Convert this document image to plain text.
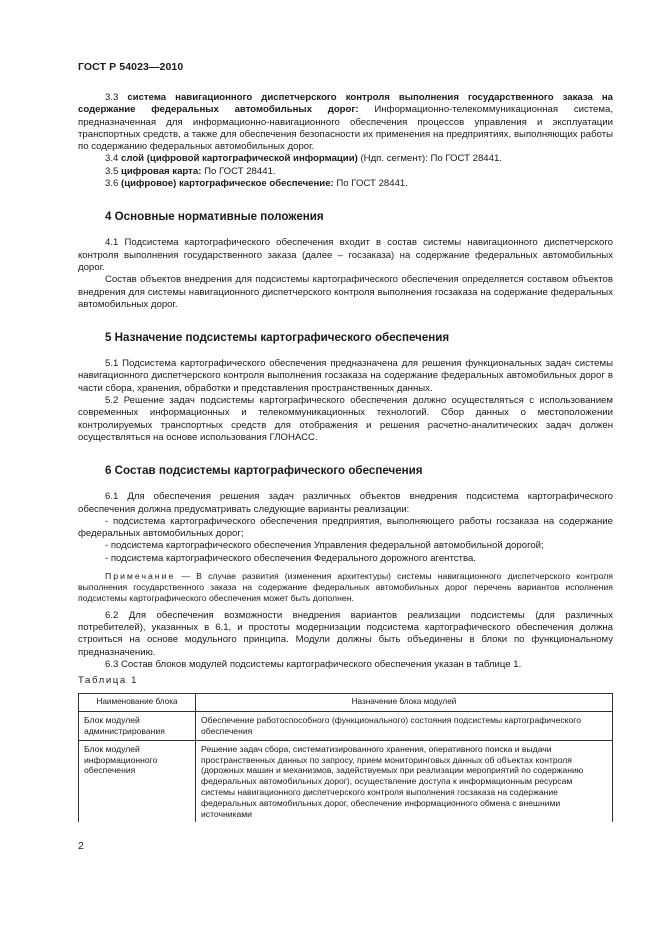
ГОСТ Р 54023—2010

3.3 система навигационного диспетчерского контроля выполнения государственного заказа на содержание федеральных автомобильных дорог: Информационно-телекоммуникационная система, предназначенная для информационно-навигационного обеспечения процессов управления и эксплуатации транспортных средств, а также для обеспечения безопасности их применения на предприятиях, выполняющих работы по содержанию федеральных автомобильных дорог.

3.4 слой (цифровой картографической информации) (Ндп. сегмент): По ГОСТ 28441.

3.5 цифровая карта: По ГОСТ 28441.

3.6 (цифровое) картографическое обеспечение: По ГОСТ 28441.

4 Основные нормативные положения

4.1 Подсистема картографического обеспечения входит в состав системы навигационного диспетчерского контроля выполнения государственного заказа (далее – госзаказа) на содержание федеральных автомобильных дорог.

Состав объектов внедрения для подсистемы картографического обеспечения определяется составом объектов внедрения для системы навигационного диспетчерского контроля выполнения госзаказа на содержание федеральных автомобильных дорог.

5 Назначение подсистемы картографического обеспечения

5.1 Подсистема картографического обеспечения предназначена для решения функциональных задач системы навигационного диспетчерского контроля выполнения госзаказа на содержание федеральных автомобильных дорог в части сбора, хранения, обработки и представления пространственных данных.

5.2 Решение задач подсистемы картографического обеспечения должно осуществляться с использованием современных информационных и телекоммуникационных технологий. Сбор данных о местоположении контролируемых транспортных средств для отображения и решения расчетно-аналитических задач должен осуществляться на основе использования ГЛОНАСС.

6 Состав подсистемы картографического обеспечения

6.1 Для обеспечения решения задач различных объектов внедрения подсистема картографического обеспечения должна предусматривать следующие варианты реализации:

- подсистема картографического обеспечения предприятия, выполняющего работы госзаказа на содержание федеральных автомобильных дорог;

- подсистема картографического обеспечения Управления федеральной автомобильной дорогой;

- подсистема картографического обеспечения Федерального дорожного агентства.

Примечание — В случае развития (изменения архитектуры) системы навигационного диспетчерского контроля выполнения государственного заказа на содержание федеральных автомобильных дорог перечень вариантов исполнения подсистемы картографического обеспечения может быть дополнен.

6.2 Для обеспечения возможности внедрения вариантов реализации подсистемы (для различных потребителей), указанных в 6.1, и простоты модернизации подсистема картографического обеспечения должна строиться на основе модульного принципа. Модули должны быть объединены в блоки по функциональному предназначению.

6.3 Состав блоков модулей подсистемы картографического обеспечения указан в таблице 1.

Таблица 1
Наименование блока	Назначение блока модулей
Блок модулей администрирования	Обеспечение работоспособного (функционального) состояния подсистемы картографического обеспечения
Блок модулей информационного обеспечения	Решение задач сбора, систематизированного хранения, оперативного поиска и выдачи пространственных данных по запросу, прием мониторинговых данных об объектах контроля (дорожных машин и механизмов, задействуемых при реализации мероприятий по содержанию федеральных автомобильных дорог), осуществление доступа к информационным ресурсам системы навигационного диспетчерского контроля выполнения госзаказа на содержание федеральных автомобильных дорог, обеспечение информационного обмена с внешними источниками
2
